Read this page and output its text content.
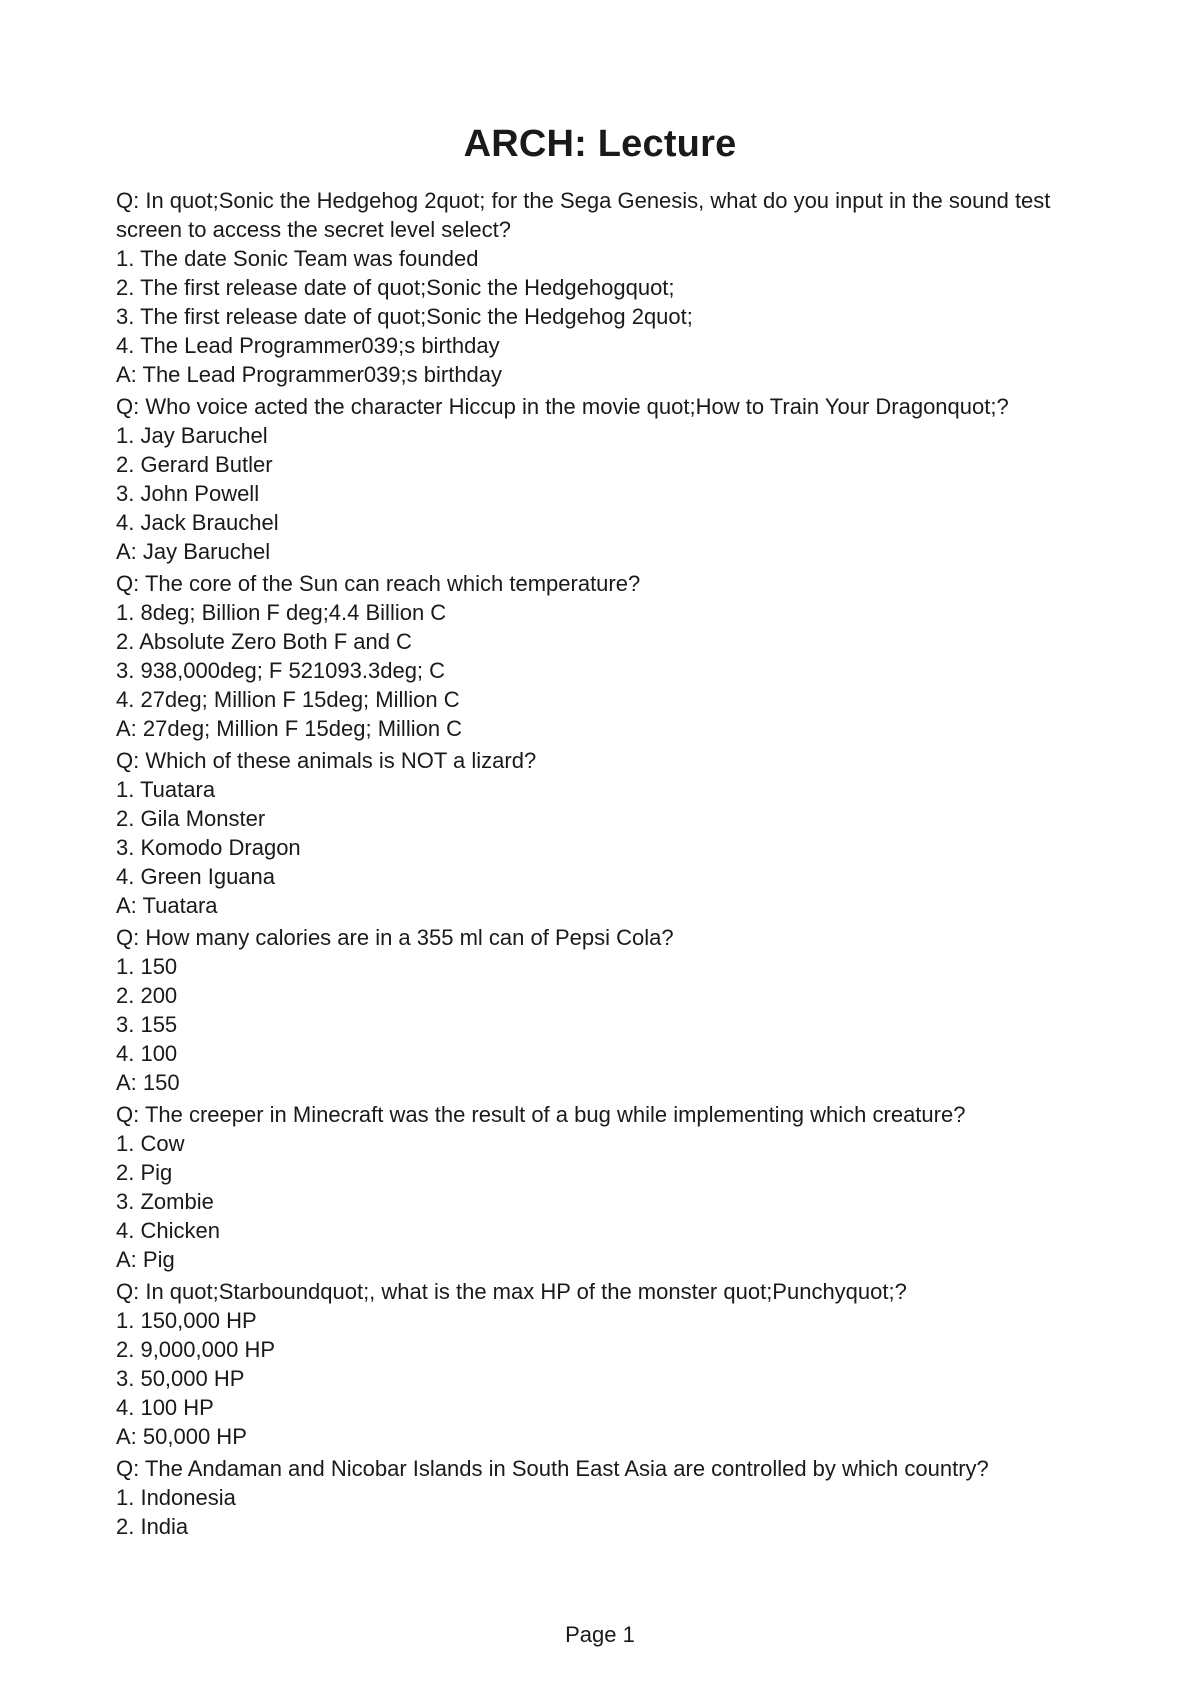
ARCH: Lecture
Q: In quot;Sonic the Hedgehog 2quot; for the Sega Genesis, what do you input in the sound test screen to access the secret level select?
1. The date Sonic Team was founded
2. The first release date of quot;Sonic the Hedgehogquot;
3. The first release date of quot;Sonic the Hedgehog 2quot;
4. The Lead Programmer039;s birthday
A: The Lead Programmer039;s birthday
Q: Who voice acted the character Hiccup in the movie quot;How to Train Your Dragonquot;?
1. Jay Baruchel
2. Gerard Butler
3. John Powell
4. Jack Brauchel
A: Jay Baruchel
Q: The core of the Sun can reach which temperature?
1. 8deg; Billion F deg;4.4 Billion C
2. Absolute Zero Both F and C
3. 938,000deg; F 521093.3deg; C
4. 27deg; Million F 15deg; Million C
A: 27deg; Million F 15deg; Million C
Q: Which of these animals is NOT a lizard?
1. Tuatara
2. Gila Monster
3. Komodo Dragon
4. Green Iguana
A: Tuatara
Q: How many calories are in a 355 ml can of Pepsi Cola?
1. 150
2. 200
3. 155
4. 100
A: 150
Q: The creeper in Minecraft was the result of a bug while implementing which creature?
1. Cow
2. Pig
3. Zombie
4. Chicken
A: Pig
Q: In quot;Starboundquot;, what is the max HP of the monster quot;Punchyquot;?
1. 150,000 HP
2. 9,000,000 HP
3. 50,000 HP
4. 100 HP
A: 50,000 HP
Q: The Andaman and Nicobar Islands in South East Asia are controlled by which country?
1. Indonesia
2. India
Page 1
